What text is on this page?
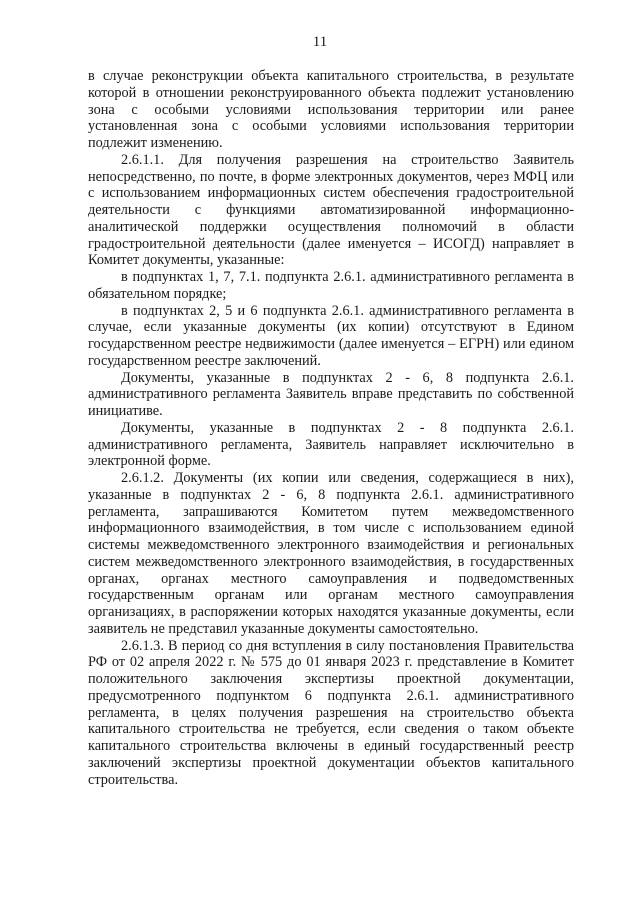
11

в случае реконструкции объекта капитального строительства, в результате которой в отношении реконструированного объекта подлежит установлению зона с особыми условиями использования территории или ранее установленная зона с особыми условиями использования территории подлежит изменению.

2.6.1.1. Для получения разрешения на строительство Заявитель непосредственно, по почте, в форме электронных документов, через МФЦ или с использованием информационных систем обеспечения градостроительной деятельности с функциями автоматизированной информационно-аналитической поддержки осуществления полномочий в области градостроительной деятельности (далее именуется – ИСОГД) направляет в Комитет документы, указанные:

в подпунктах 1, 7, 7.1. подпункта 2.6.1. административного регламента в обязательном порядке;

в подпунктах 2, 5 и 6 подпункта 2.6.1. административного регламента в случае, если указанные документы (их копии) отсутствуют в Едином государственном реестре недвижимости (далее именуется – ЕГРН) или едином государственном реестре заключений.

Документы, указанные в подпунктах 2 - 6, 8 подпункта 2.6.1. административного регламента Заявитель вправе представить по собственной инициативе.

Документы, указанные в подпунктах 2 - 8 подпункта 2.6.1. административного регламента, Заявитель направляет исключительно в электронной форме.

2.6.1.2. Документы (их копии или сведения, содержащиеся в них), указанные в подпунктах 2 - 6, 8 подпункта 2.6.1. административного регламента, запрашиваются Комитетом путем межведомственного информационного взаимодействия, в том числе с использованием единой системы межведомственного электронного взаимодействия и региональных систем межведомственного электронного взаимодействия, в государственных органах, органах местного самоуправления и подведомственных государственным органам или органам местного самоуправления организациях, в распоряжении которых находятся указанные документы, если заявитель не представил указанные документы самостоятельно.

2.6.1.3. В период со дня вступления в силу постановления Правительства РФ от 02 апреля 2022 г. № 575 до 01 января 2023 г. представление в Комитет положительного заключения экспертизы проектной документации, предусмотренного подпунктом 6 подпункта 2.6.1. административного регламента, в целях получения разрешения на строительство объекта капитального строительства не требуется, если сведения о таком объекте капитального строительства включены в единый государственный реестр заключений экспертизы проектной документации объектов капитального строительства.
